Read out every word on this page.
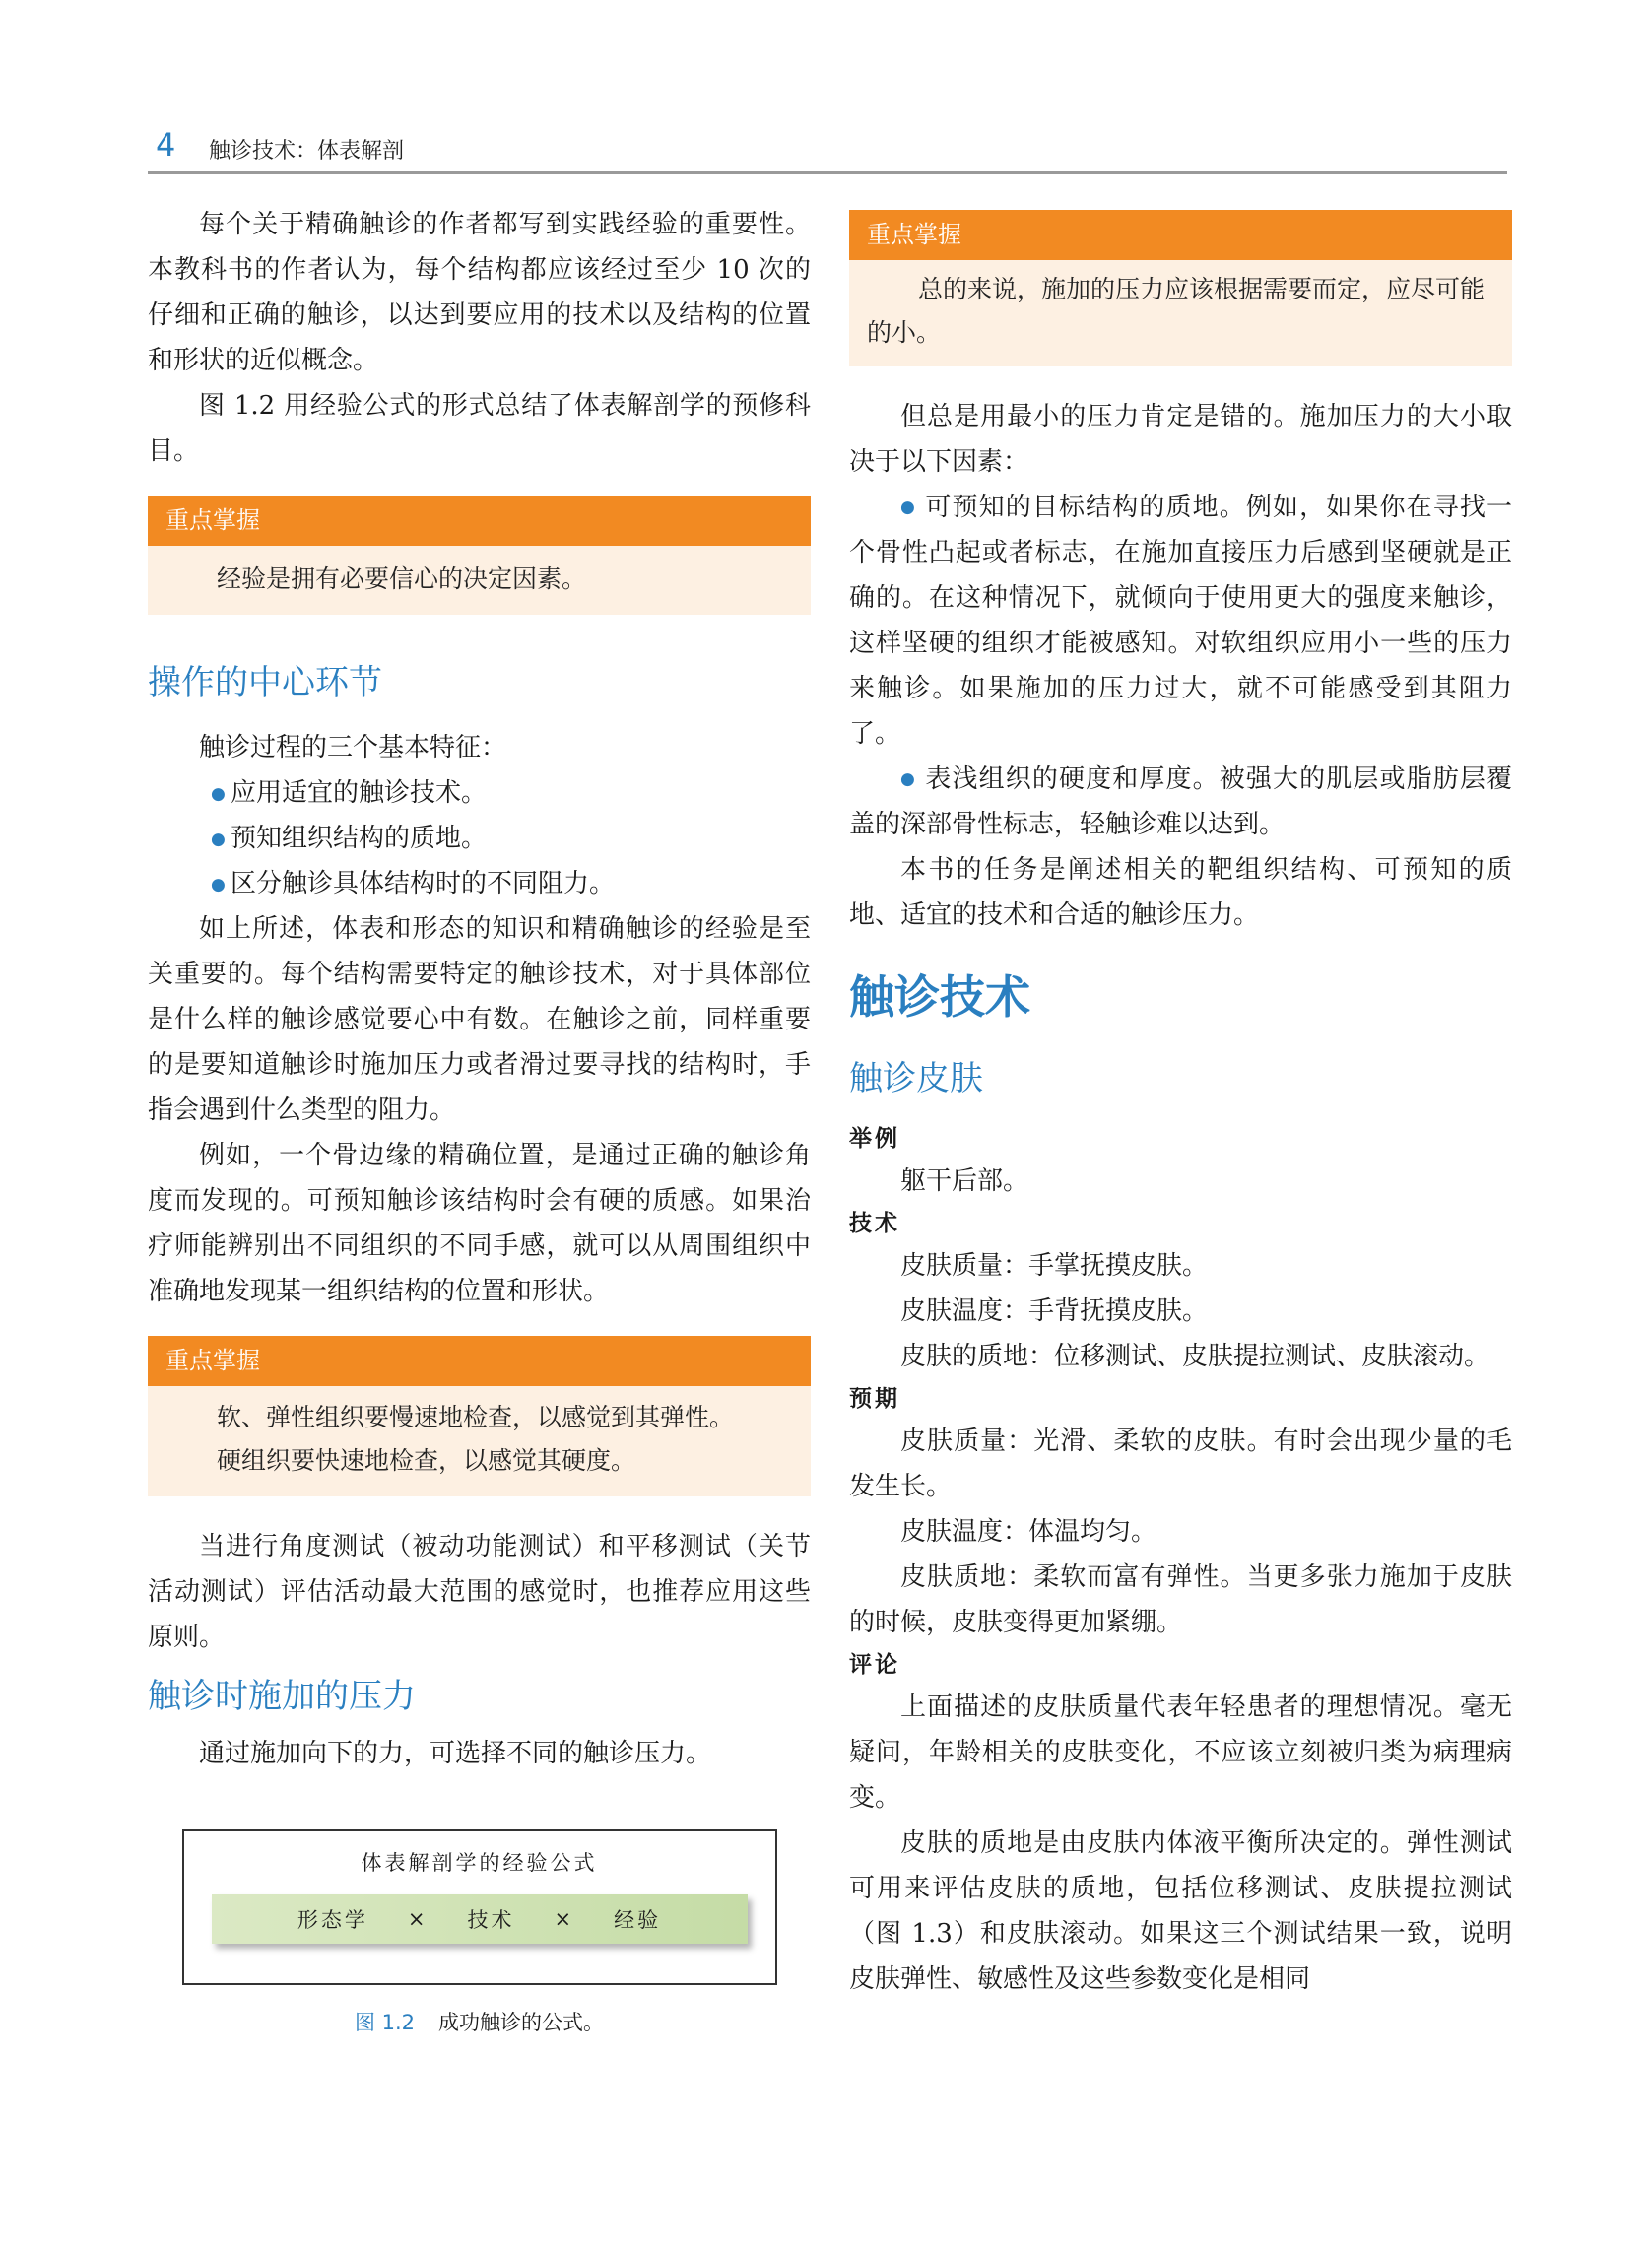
4 触诊技术：体表解剖

每个关于精确触诊的作者都写到实践经验的重要性。本教科书的作者认为，每个结构都应该经过至少 10 次的仔细和正确的触诊，以达到要应用的技术以及结构的位置和形状的近似概念。

图 1.2 用经验公式的形式总结了体表解剖学的预修科目。

重点掌握
经验是拥有必要信心的决定因素。
操作的中心环节

触诊过程的三个基本特征：

● 应用适宜的触诊技术。
● 预知组织结构的质地。
● 区分触诊具体结构时的不同阻力。

如上所述，体表和形态的知识和精确触诊的经验是至关重要的。每个结构需要特定的触诊技术，对于具体部位是什么样的触诊感觉要心中有数。在触诊之前，同样重要的是要知道触诊时施加压力或者滑过要寻找的结构时，手指会遇到什么类型的阻力。

例如，一个骨边缘的精确位置，是通过正确的触诊角度而发现的。可预知触诊该结构时会有硬的质感。如果治疗师能辨别出不同组织的不同手感，就可以从周围组织中准确地发现某一组织结构的位置和形状。

重点掌握
软、弹性组织要慢速地检查，以感觉到其弹性。
硬组织要快速地检查，以感觉其硬度。

当进行角度测试（被动功能测试）和平移测试（关节活动测试）评估活动最大范围的感觉时，也推荐应用这些原则。

触诊时施加的压力

通过施加向下的力，可选择不同的触诊压力。

体表解剖学的经验公式
形态学 × 技术 × 经验
图 1.2 成功触诊的公式。
重点掌握
总的来说，施加的压力应该根据需要而定，应尽可能的小。

但总是用最小的压力肯定是错的。施加压力的大小取决于以下因素：

● 可预知的目标结构的质地。例如，如果你在寻找一个骨性凸起或者标志，在施加直接压力后感到坚硬就是正确的。在这种情况下，就倾向于使用更大的强度来触诊，这样坚硬的组织才能被感知。对软组织应用小一些的压力来触诊。如果施加的压力过大，就不可能感受到其阻力了。

● 表浅组织的硬度和厚度。被强大的肌层或脂肪层覆盖的深部骨性标志，轻触诊难以达到。

本书的任务是阐述相关的靶组织结构、可预知的质地、适宜的技术和合适的触诊压力。

触诊技术
触诊皮肤
举例

躯干后部。

技术

皮肤质量：手掌抚摸皮肤。

皮肤温度：手背抚摸皮肤。

皮肤的质地：位移测试、皮肤提拉测试、皮肤滚动。

预期

皮肤质量：光滑、柔软的皮肤。有时会出现少量的毛发生长。

皮肤温度：体温均匀。

皮肤质地：柔软而富有弹性。当更多张力施加于皮肤的时候，皮肤变得更加紧绷。

评论

上面描述的皮肤质量代表年轻患者的理想情况。毫无疑问，年龄相关的皮肤变化，不应该立刻被归类为病理病变。

皮肤的质地是由皮肤内体液平衡所决定的。弹性测试可用来评估皮肤的质地，包括位移测试、皮肤提拉测试（图 1.3）和皮肤滚动。如果这三个测试结果一致，说明皮肤弹性、敏感性及这些参数变化是相同
